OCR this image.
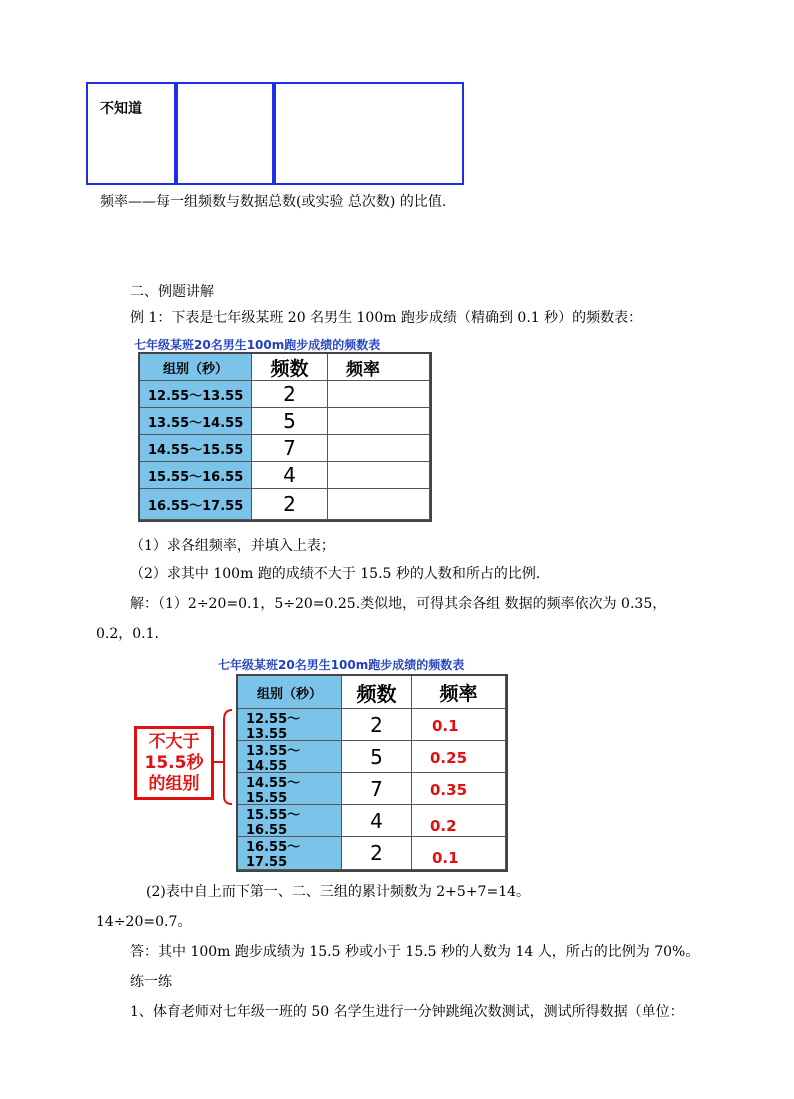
不知道
频率——每一组频数与数据总数(或实验 总次数) 的比值.
二、例题讲解
例 1：下表是七年级某班 20 名男生 100m 跑步成绩（精确到 0.1 秒）的频数表：
七年级某班20名男生100m跑步成绩的频数表
组别（秒）	频数	频率
12.55～13.55	2
13.55～14.55	5
14.55～15.55	7
15.55～16.55	4
16.55～17.55	2
（1）求各组频率，并填入上表；
（2）求其中 100m 跑的成绩不大于 15.5 秒的人数和所占的比例.
解：（1）2÷20=0.1，5÷20=0.25.类似地，可得其余各组 数据的频率依次为 0.35，
0.2，0.1.
七年级某班20名男生100m跑步成绩的频数表
不大于
15.5秒
的组别
组别（秒）	频数	频率
12.55～13.55	2	0.1
13.55～14.55	5	0.25
14.55～15.55	7	0.35
15.55～16.55	4	0.2
16.55～17.55	2	0.1
(2)表中自上而下第一、二、三组的累计频数为 2+5+7=14。
14÷20=0.7。
答：其中 100m 跑步成绩为 15.5 秒或小于 15.5 秒的人数为 14 人，所占的比例为 70%。
练一练
1、体育老师对七年级一班的 50 名学生进行一分钟跳绳次数测试，测试所得数据（单位：
